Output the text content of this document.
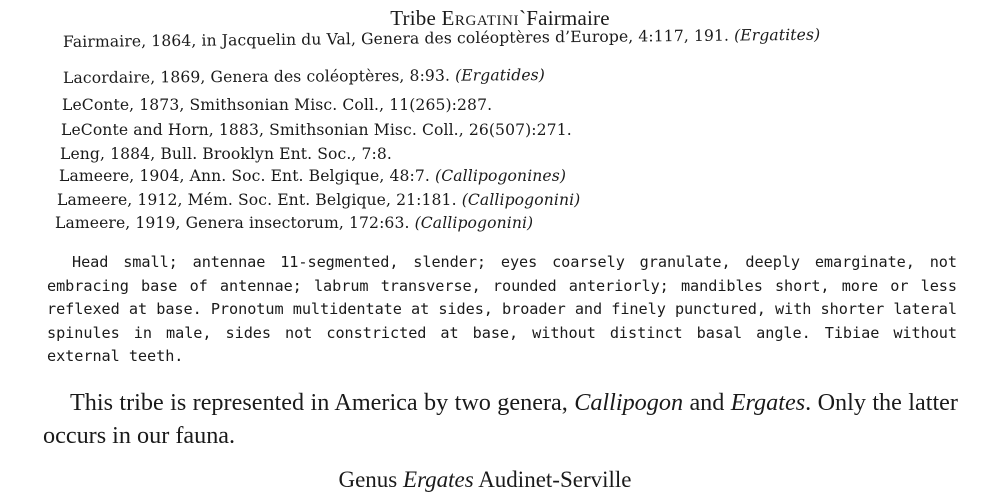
Tribe Ergatini`Fairmaire
Fairmaire, 1864, in Jacquelin du Val, Genera des coléoptères d’Europe, 4:117, 191. (Ergatites)
Lacordaire, 1869, Genera des coléoptères, 8:93. (Ergatides)
LeConte, 1873, Smithsonian Misc. Coll., 11(265):287.
LeConte and Horn, 1883, Smithsonian Misc. Coll., 26(507):271.
Leng, 1884, Bull. Brooklyn Ent. Soc., 7:8.
Lameere, 1904, Ann. Soc. Ent. Belgique, 48:7. (Callipogonines)
Lameere, 1912, Mém. Soc. Ent. Belgique, 21:181. (Callipogonini)
Lameere, 1919, Genera insectorum, 172:63. (Callipogonini)
Head small; antennae 11-segmented, slender; eyes coarsely granulate, deeply emarginate, not embracing base of antennae; labrum transverse, rounded anteriorly; mandibles short, more or less reflexed at base. Pronotum multidentate at sides, broader and finely punctured, with shorter lateral spinules in male, sides not constricted at base, without distinct basal angle. Tibiae without external teeth.
This tribe is represented in America by two genera, Callipogon and Ergates. Only the latter occurs in our fauna.
Genus Ergates Audinet-Serville
